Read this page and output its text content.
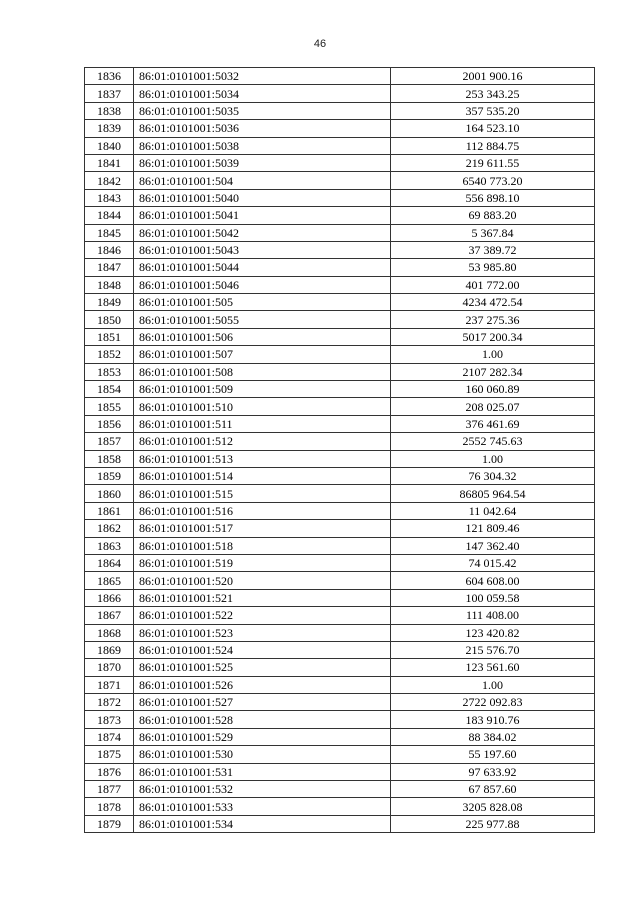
46
1836	86:01:0101001:5032	2001 900.16
1837	86:01:0101001:5034	253 343.25
1838	86:01:0101001:5035	357 535.20
1839	86:01:0101001:5036	164 523.10
1840	86:01:0101001:5038	112 884.75
1841	86:01:0101001:5039	219 611.55
1842	86:01:0101001:504	6540 773.20
1843	86:01:0101001:5040	556 898.10
1844	86:01:0101001:5041	69 883.20
1845	86:01:0101001:5042	5 367.84
1846	86:01:0101001:5043	37 389.72
1847	86:01:0101001:5044	53 985.80
1848	86:01:0101001:5046	401 772.00
1849	86:01:0101001:505	4234 472.54
1850	86:01:0101001:5055	237 275.36
1851	86:01:0101001:506	5017 200.34
1852	86:01:0101001:507	1.00
1853	86:01:0101001:508	2107 282.34
1854	86:01:0101001:509	160 060.89
1855	86:01:0101001:510	208 025.07
1856	86:01:0101001:511	376 461.69
1857	86:01:0101001:512	2552 745.63
1858	86:01:0101001:513	1.00
1859	86:01:0101001:514	76 304.32
1860	86:01:0101001:515	86805 964.54
1861	86:01:0101001:516	11 042.64
1862	86:01:0101001:517	121 809.46
1863	86:01:0101001:518	147 362.40
1864	86:01:0101001:519	74 015.42
1865	86:01:0101001:520	604 608.00
1866	86:01:0101001:521	100 059.58
1867	86:01:0101001:522	111 408.00
1868	86:01:0101001:523	123 420.82
1869	86:01:0101001:524	215 576.70
1870	86:01:0101001:525	123 561.60
1871	86:01:0101001:526	1.00
1872	86:01:0101001:527	2722 092.83
1873	86:01:0101001:528	183 910.76
1874	86:01:0101001:529	88 384.02
1875	86:01:0101001:530	55 197.60
1876	86:01:0101001:531	97 633.92
1877	86:01:0101001:532	67 857.60
1878	86:01:0101001:533	3205 828.08
1879	86:01:0101001:534	225 977.88
